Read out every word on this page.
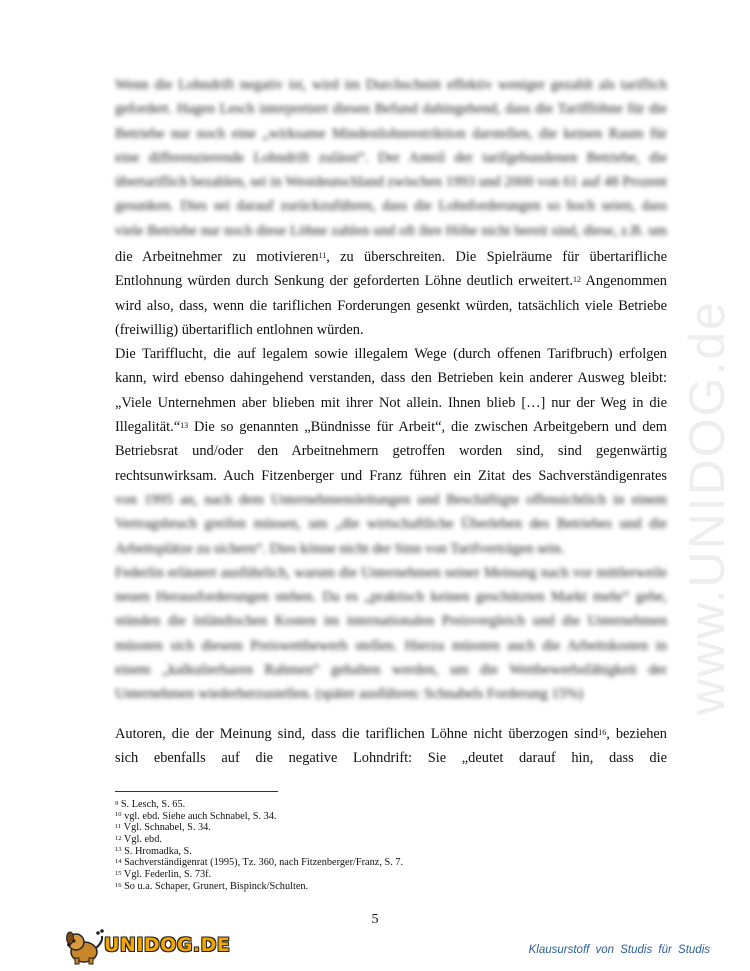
www.UNIDOG.de
Wenn die Lohndrift negativ ist, wird im Durchschnitt effektiv weniger gezahlt als tariflich
gefordert. Hagen Lesch interpretiert diesen Befund dahingehend, dass die Tarifflöhne für die
Betriebe nur noch eine „wirksame Mindestlohnrestriktion darstellen, die keinen Raum für
eine differenzierende Lohndrift zulässt“. Der Anteil der tarifgebundenen Betriebe, die
übertariflich bezahlen, sei in Westdeutschland zwischen 1993 und 2000 von 61 auf 48 Prozent
gesunken. Dies sei darauf zurückzuführen, dass die Lohnforderungen so hoch seien, dass
viele Betriebe nur noch diese Löhne zahlen und oft ihre Höhe nicht bereit sind, diese, z.B. um
die Arbeitnehmer zu motivieren$^{11}$, zu überschreiten. Die Spielräume für übertarifliche
Entlohnung würden durch Senkung der geforderten Löhne deutlich erweitert.$^{12}$ Angenommen
wird also, dass, wenn die tariflichen Forderungen gesenkt würden, tatsächlich viele Betriebe
(freiwillig) übertariflich entlohnen würden.
Die Tarifflucht, die auf legalem sowie illegalem Wege (durch offenen Tarifbruch) erfolgen
kann, wird ebenso dahingehend verstanden, dass den Betrieben kein anderer Ausweg bleibt:
„Viele Unternehmen aber blieben mit ihrer Not allein. Ihnen blieb […] nur der Weg in die
Illegalität.“$^{13}$ Die so genannten „Bündnisse für Arbeit“, die zwischen Arbeitgebern und dem
Betriebsrat und/oder den Arbeitnehmern getroffen worden sind, sind gegenwärtig
rechtsunwirksam. Auch Fitzenberger und Franz führen ein Zitat des Sachverständigenrates
von 1995 an, nach dem Unternehmensleitungen und Beschäftigte offensichtlich in einem
Vertragsbruch greifen müssen, um „die wirtschaftliche Überleben des Betriebes und die
Arbeitsplätze zu sichern“. Dies könne nicht der Sinn von Tarifverträgen sein.
Federlin erläutert ausführlich, warum die Unternehmen seiner Meinung nach vor mittlerweile
neuen Herausforderungen stehen. Da es „praktisch keinen geschützten Markt mehr“ gebe,
stünden die inländischen Kosten im internationalen Preisvergleich und die Unternehmen
müssten sich diesem Preiswettbewerb stellen. Hierzu müssten auch die Arbeitskosten in
einem „kalkulierbaren Rahmen“ gehalten werden, um die Wettbewerbsfähigkeit der
Unternehmen wiederherzustellen. (später ausführen: Schnabels Forderung 15%)
Autoren, die der Meinung sind, dass die tariflichen Löhne nicht überzogen sind$^{16}$, beziehen
sich ebenfalls auf die negative Lohndrift: Sie „deutet darauf hin, dass die
$^9$ S. Lesch, S. 65.
$^{10}$ vgl. ebd. Siehe auch Schnabel, S. 34.
$^{11}$ Vgl. Schnabel, S. 34.
$^{12}$ Vgl. ebd.
$^{13}$ S. Hromadka, S.
$^{14}$ Sachverständigenrat (1995), Tz. 360, nach Fitzenberger/Franz, S. 7.
$^{15}$ Vgl. Federlin, S. 73f.
$^{16}$ So u.a. Schaper, Grunert, Bispinck/Schulten.
5
UNIDOG.DE	Klausurstoff von Studis für Studis
